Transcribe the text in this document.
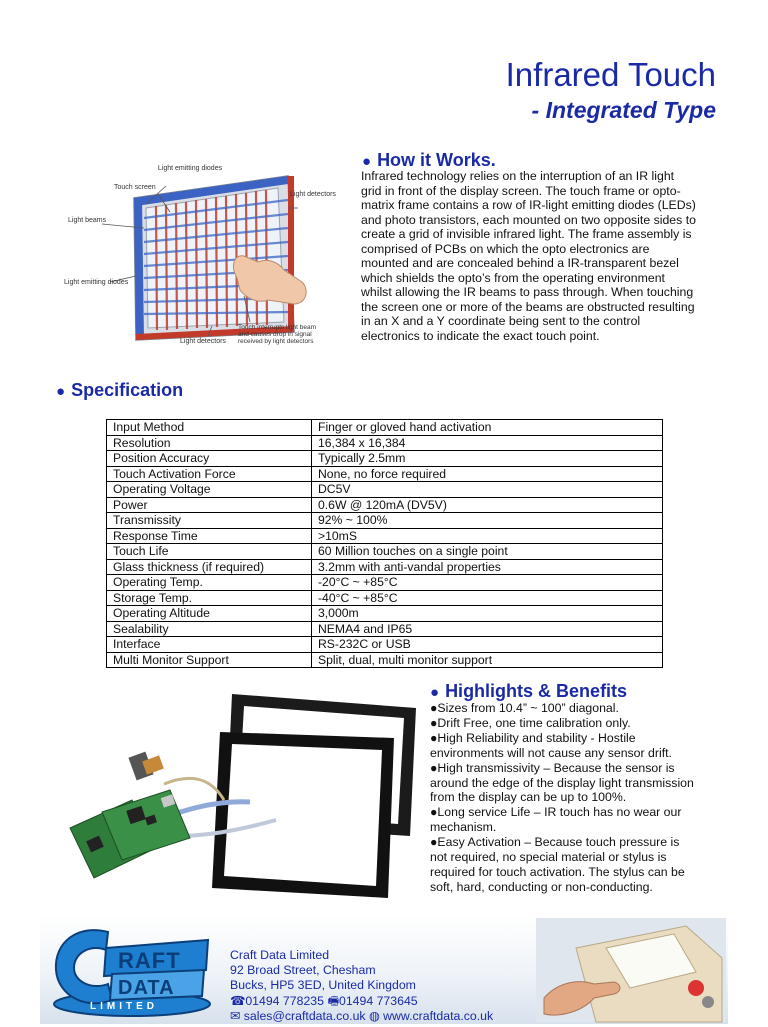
Infrared Touch
- Integrated Type
Light emitting diodes
Touch screen
Light beams
Light detectors
Light emitting diodes
Light detectors
Touch interrupts light beam and causes drop in signal received by light detectors
● How it Works.

Infrared technology relies on the interruption of an IR light

grid in front of the display screen. The touch frame or opto-

matrix frame contains a row of IR-light emitting diodes (LEDs)

and photo transistors, each mounted on two opposite sides to

create a grid of invisible infrared light. The frame assembly is

comprised of PCBs on which the opto electronics are

mounted and are concealed behind a IR-transparent bezel

which shields the opto’s from the operating environment

whilst allowing the IR beams to pass through. When touching

the screen one or more of the beams are obstructed resulting

in an X and a Y coordinate being sent to the control

electronics to indicate the exact touch point.

● Specification
Input Method	Finger or gloved hand activation
Resolution	16,384 x 16,384
Position Accuracy	Typically 2.5mm
Touch Activation Force	None, no force required
Operating Voltage	DC5V
Power	0.6W @ 120mA (DV5V)
Transmissity	92% ~ 100%
Response Time	>10mS
Touch Life	60 Million touches on a single point
Glass thickness (if required)	3.2mm with anti-vandal properties
Operating Temp.	-20°C ~ +85°C
Storage Temp.	-40°C ~ +85°C
Operating Altitude	3,000m
Sealability	NEMA4 and IP65
Interface	RS-232C or USB
Multi Monitor Support	Split, dual, multi monitor support
● Highlights & Benefits

●Sizes from 10.4” ~ 100” diagonal.

●Drift Free, one time calibration only.

●High Reliability and stability - Hostile

environments will not cause any sensor drift.

●High transmissivity – Because the sensor is

around the edge of the display light transmission

from the display can be up to 100%.

●Long service Life – IR touch has no wear our

mechanism.

●Easy Activation – Because touch pressure is

not required, no special material or stylus is

required for touch activation. The stylus can be

soft, hard, conducting or non-conducting.

RAFT
DATA
LIMITED

Craft Data Limited

92 Broad Street, Chesham

Bucks, HP5 3ED, United Kingdom

☎01494 778235 🖷01494 773645

✉ sales@craftdata.co.uk ◍ www.craftdata.co.uk
